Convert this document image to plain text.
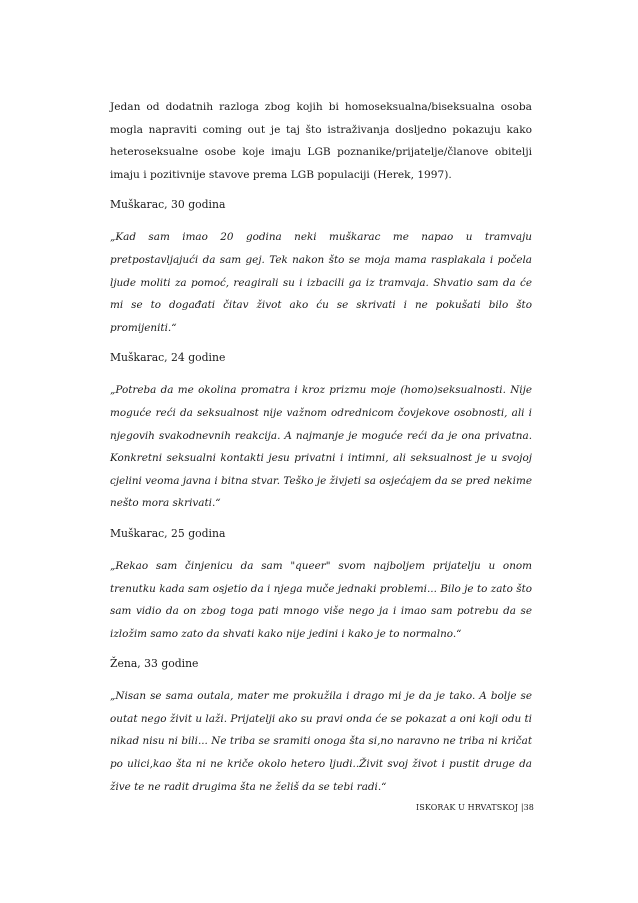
Jedan od dodatnih razloga zbog kojih bi homoseksualna/biseksualna osoba mogla napraviti coming out je taj što istraživanja dosljedno pokazuju kako heteroseksualne osobe koje imaju LGB poznanike/prijatelje/članove obitelji imaju i pozitivnije stavove prema LGB populaciji (Herek, 1997).

Muškarac, 30 godina

„Kad sam imao 20 godina neki muškarac me napao u tramvaju pretpostavljajući da sam gej. Tek nakon što se moja mama rasplakala i počela ljude moliti za pomoć, reagirali su i izbacili ga iz tramvaja. Shvatio sam da će mi se to događati čitav život ako ću se skrivati i ne pokušati bilo što promijeniti.“

Muškarac, 24 godine

„Potreba da me okolina promatra i kroz prizmu moje (homo)seksualnosti. Nije moguće reći da seksualnost nije važnom odrednicom čovjekove osobnosti, ali i njegovih svakodnevnih reakcija. A najmanje je moguće reći da je ona privatna. Konkretni seksualni kontakti jesu privatni i intimni, ali seksualnost je u svojoj cjelini veoma javna i bitna stvar. Teško je živjeti sa osjećajem da se pred nekime nešto mora skrivati.“

Muškarac, 25 godina

„Rekao sam činjenicu da sam "queer" svom najboljem prijatelju u onom trenutku kada sam osjetio da i njega muče jednaki problemi... Bilo je to zato što sam vidio da on zbog toga pati mnogo više nego ja i imao sam potrebu da se izložim samo zato da shvati kako nije jedini i kako je to normalno.“

Žena, 33 godine

„Nisan se sama outala, mater me prokužila i drago mi je da je tako. A bolje se outat nego živit u laži. Prijatelji ako su pravi onda će se pokazat a oni koji odu ti nikad nisu ni bili... Ne triba se sramiti onoga šta si,no naravno ne triba ni kričat po ulici,kao šta ni ne kriče okolo hetero ljudi..Živit svoj život i pustit druge da žive te ne radit drugima šta ne želiš da se tebi radi.“

ISKORAK U HRVATSKOJ |38
